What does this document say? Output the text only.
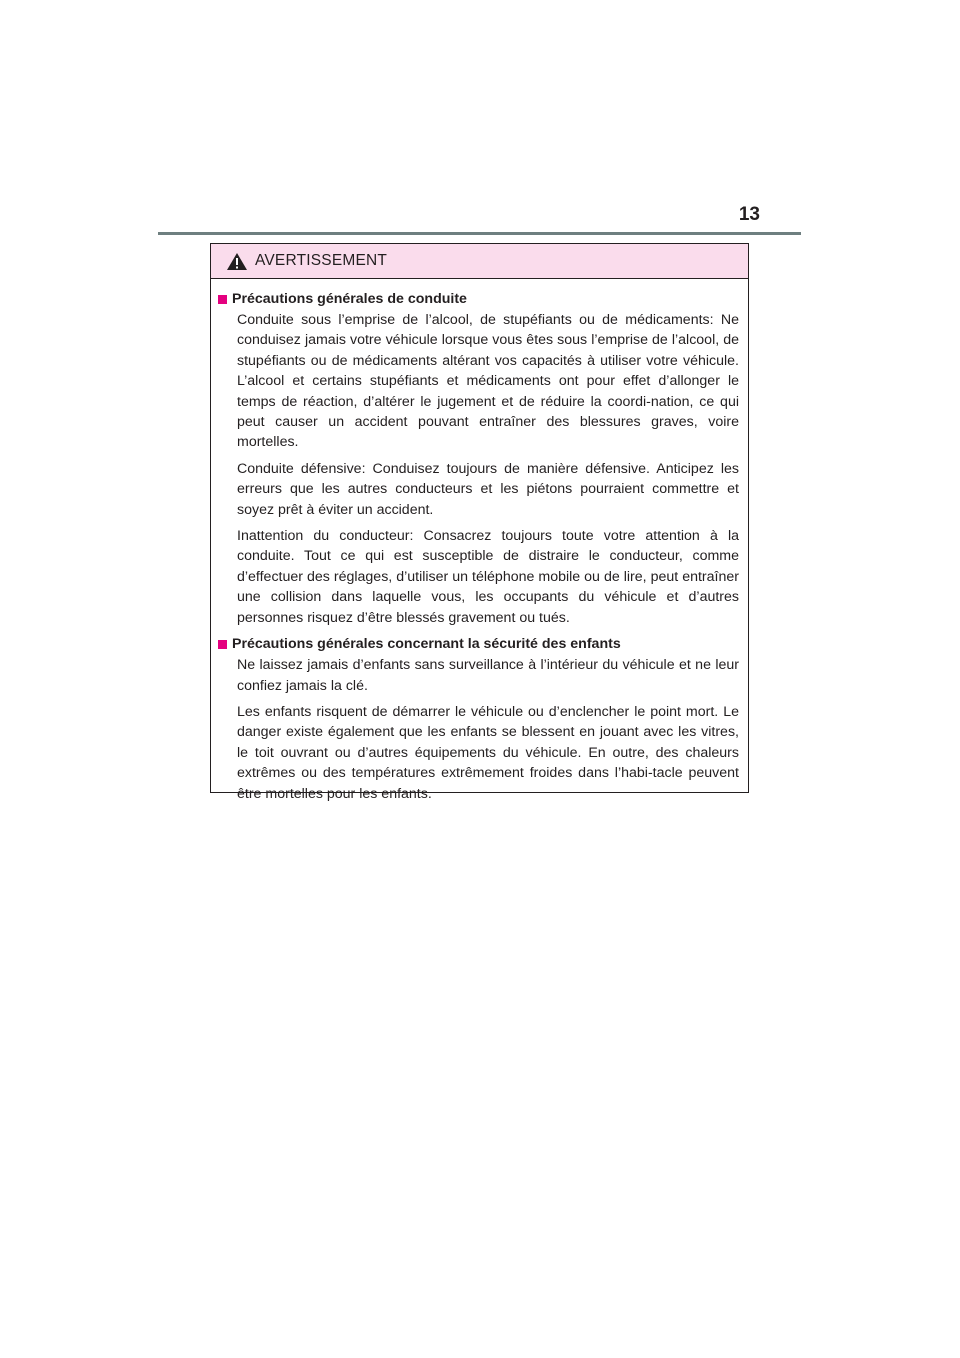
13
AVERTISSEMENT
Précautions générales de conduite

Conduite sous l’emprise de l’alcool, de stupéfiants ou de médicaments: Ne conduisez jamais votre véhicule lorsque vous êtes sous l’emprise de l’alcool, de stupéfiants ou de médicaments altérant vos capacités à utiliser votre véhicule. L’alcool et certains stupéfiants et médicaments ont pour effet d’allonger le temps de réaction, d’altérer le jugement et de réduire la coordi-nation, ce qui peut causer un accident pouvant entraîner des blessures graves, voire mortelles.

Conduite défensive: Conduisez toujours de manière défensive. Anticipez les erreurs que les autres conducteurs et les piétons pourraient commettre et soyez prêt à éviter un accident.

Inattention du conducteur: Consacrez toujours toute votre attention à la conduite. Tout ce qui est susceptible de distraire le conducteur, comme d’effectuer des réglages, d’utiliser un téléphone mobile ou de lire, peut entraîner une collision dans laquelle vous, les occupants du véhicule et d’autres personnes risquez d’être blessés gravement ou tués.

Précautions générales concernant la sécurité des enfants

Ne laissez jamais d’enfants sans surveillance à l’intérieur du véhicule et ne leur confiez jamais la clé.

Les enfants risquent de démarrer le véhicule ou d’enclencher le point mort. Le danger existe également que les enfants se blessent en jouant avec les vitres, le toit ouvrant ou d’autres équipements du véhicule. En outre, des chaleurs extrêmes ou des températures extrêmement froides dans l’habi-tacle peuvent être mortelles pour les enfants.
